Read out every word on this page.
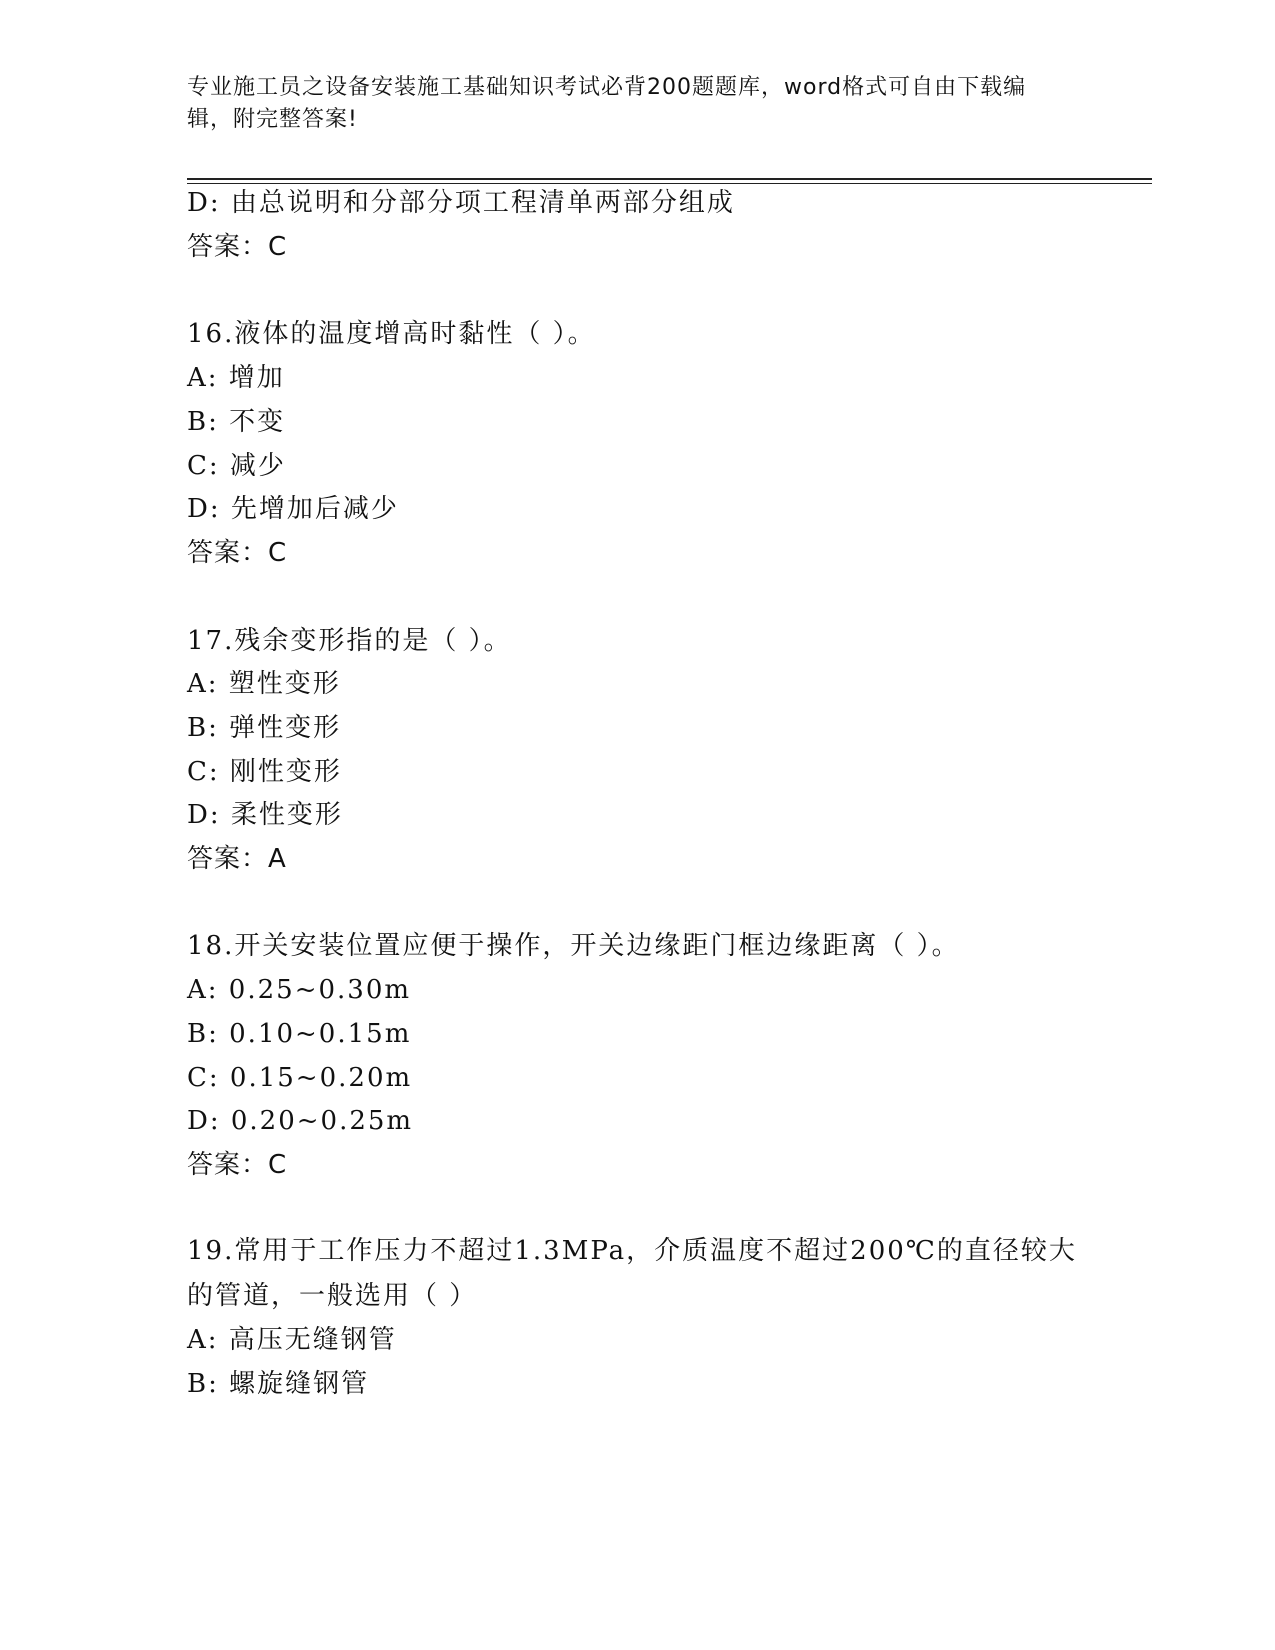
专业施工员之设备安装施工基础知识考试必背200题题库，word格式可自由下载编辑，附完整答案!
D: 由总说明和分部分项工程清单两部分组成
答案：C
16.液体的温度增高时黏性（ ）。
A: 增加
B: 不变
C: 减少
D: 先增加后减少
答案：C
17.残余变形指的是（ ）。
A: 塑性变形
B: 弹性变形
C: 刚性变形
D: 柔性变形
答案：A
18.开关安装位置应便于操作，开关边缘距门框边缘距离（ ）。
A: 0.25~0.30m
B: 0.10~0.15m
C: 0.15~0.20m
D: 0.20~0.25m
答案：C
19.常用于工作压力不超过1.3MPa，介质温度不超过200℃的直径较大的管道，一般选用（ ）
A: 高压无缝钢管
B: 螺旋缝钢管
